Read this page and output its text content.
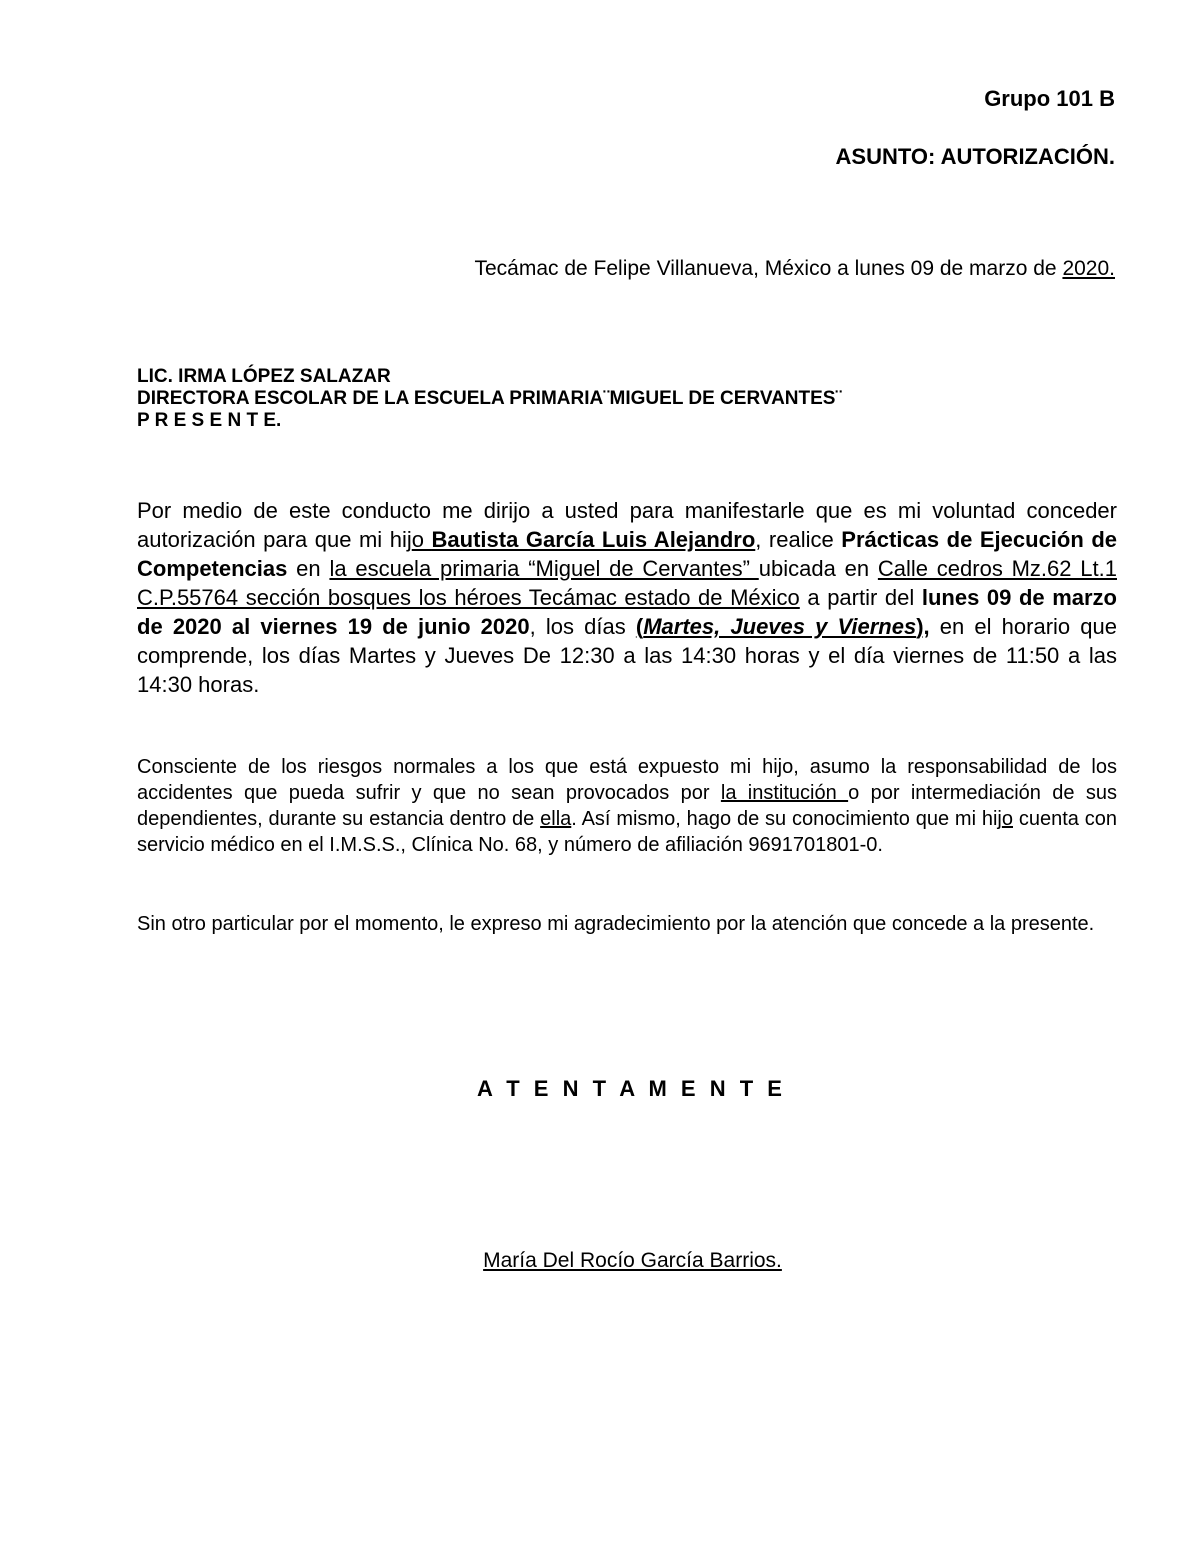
Grupo 101 B
ASUNTO: AUTORIZACIÓN.
Tecámac de Felipe Villanueva, México a lunes 09 de marzo de 2020.
LIC. IRMA LÓPEZ SALAZAR
DIRECTORA ESCOLAR DE LA ESCUELA PRIMARIA¨MIGUEL DE CERVANTES¨
P R E S E N T E.
Por medio de este conducto me dirijo a usted para manifestarle que es mi voluntad conceder autorización para que mi hijo Bautista García Luis Alejandro, realice Prácticas de Ejecución de Competencias en la escuela primaria “Miguel de Cervantes” ubicada en Calle cedros Mz.62 Lt.1 C.P.55764 sección bosques los héroes Tecámac estado de México a partir del lunes 09 de marzo de 2020 al viernes 19 de junio 2020, los días (Martes, Jueves y Viernes), en el horario que comprende, los días Martes y Jueves De 12:30 a las 14:30 horas y el día viernes de 11:50 a las 14:30 horas.
Consciente de los riesgos normales a los que está expuesto mi hijo, asumo la responsabilidad de los accidentes que pueda sufrir y que no sean provocados por la institución o por intermediación de sus dependientes, durante su estancia dentro de ella. Así mismo, hago de su conocimiento que mi hijo cuenta con servicio médico en el I.M.S.S., Clínica No. 68, y número de afiliación 9691701801-0.
Sin otro particular por el momento, le expreso mi agradecimiento por la atención que concede a la presente.
A T E N T A M E N T E
María Del Rocío García Barrios.
